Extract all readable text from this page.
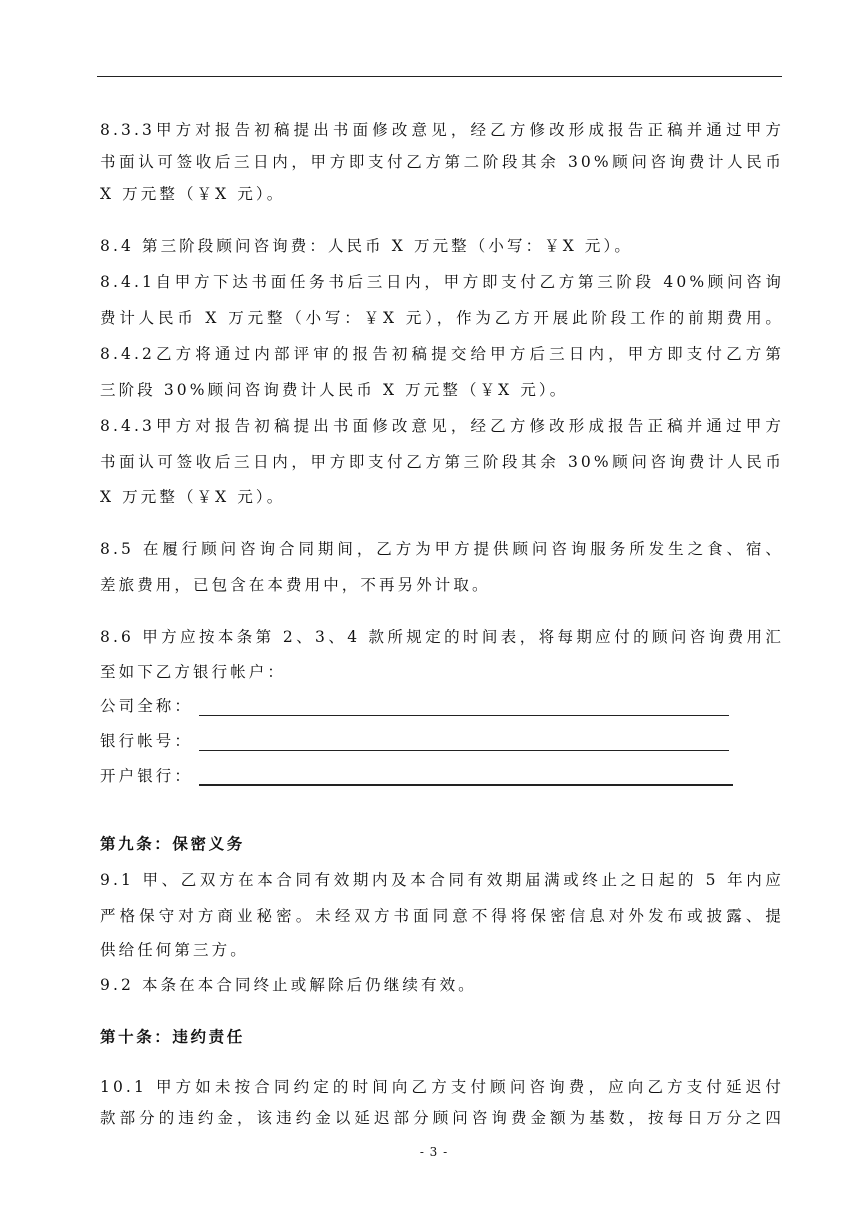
8.3.3甲方对报告初稿提出书面修改意见，经乙方修改形成报告正稿并通过甲方
书面认可签收后三日内，甲方即支付乙方第二阶段其余 30%顾问咨询费计人民币
X 万元整（￥X 元）。
8.4 第三阶段顾问咨询费：人民币 X 万元整（小写：￥X 元）。
8.4.1自甲方下达书面任务书后三日内，甲方即支付乙方第三阶段 40%顾问咨询
费计人民币 X 万元整（小写：￥X 元），作为乙方开展此阶段工作的前期费用。
8.4.2乙方将通过内部评审的报告初稿提交给甲方后三日内，甲方即支付乙方第
三阶段 30%顾问咨询费计人民币 X 万元整（￥X 元）。
8.4.3甲方对报告初稿提出书面修改意见，经乙方修改形成报告正稿并通过甲方
书面认可签收后三日内，甲方即支付乙方第三阶段其余 30%顾问咨询费计人民币
X 万元整（￥X 元）。
8.5 在履行顾问咨询合同期间，乙方为甲方提供顾问咨询服务所发生之食、宿、
差旅费用，已包含在本费用中，不再另外计取。
8.6 甲方应按本条第 2、3、4 款所规定的时间表，将每期应付的顾问咨询费用汇
至如下乙方银行帐户：
公司全称：
银行帐号：
开户银行：
第九条：保密义务
9.1 甲、乙双方在本合同有效期内及本合同有效期届满或终止之日起的 5 年内应
严格保守对方商业秘密。未经双方书面同意不得将保密信息对外发布或披露、提
供给任何第三方。
9.2 本条在本合同终止或解除后仍继续有效。
第十条：违约责任
10.1 甲方如未按合同约定的时间向乙方支付顾问咨询费，应向乙方支付延迟付
款部分的违约金，该违约金以延迟部分顾问咨询费金额为基数，按每日万分之四
- 3 -
